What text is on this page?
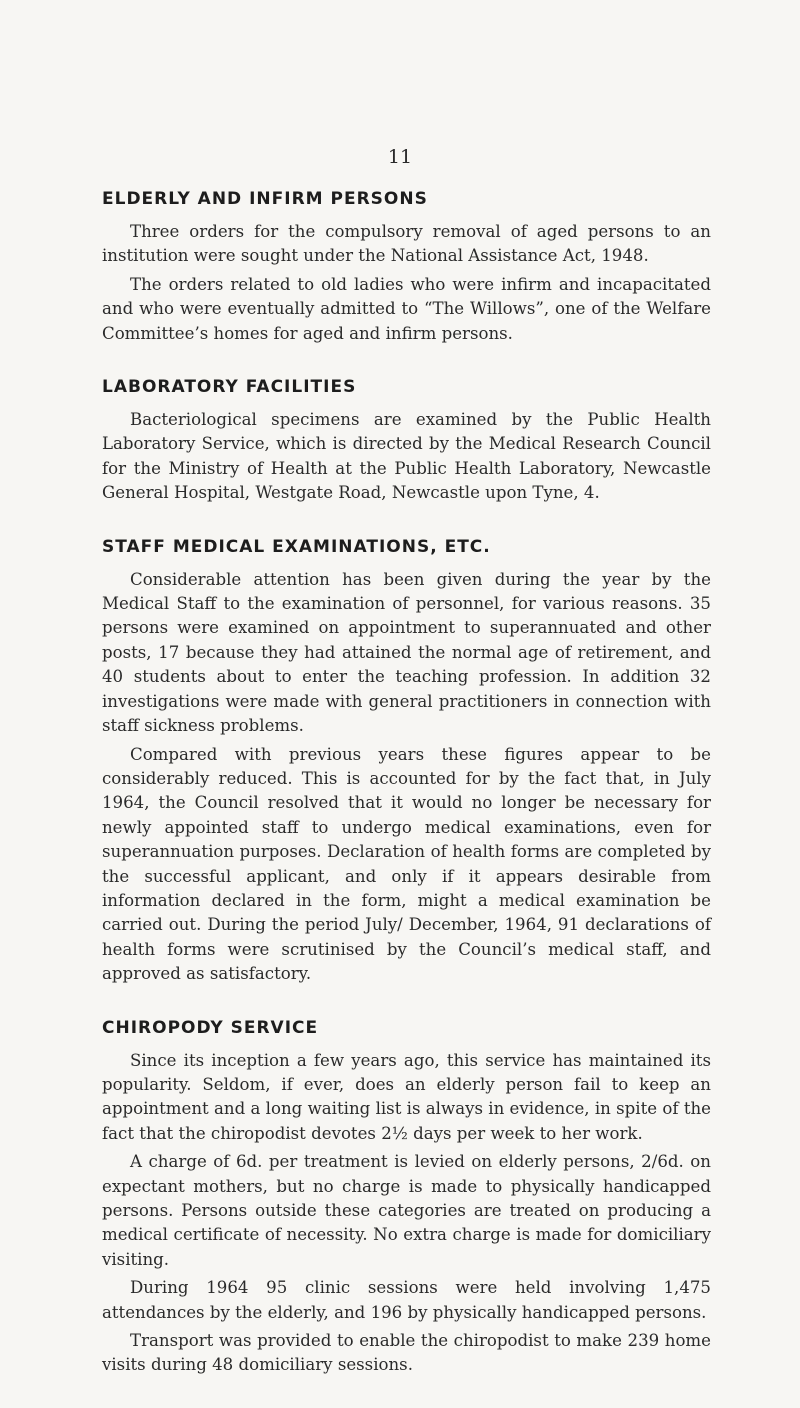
11
ELDERLY AND INFIRM PERSONS

Three orders for the compulsory removal of aged persons to an institution were sought under the National Assistance Act, 1948.

The orders related to old ladies who were infirm and incapacitated and who were eventually admitted to “The Willows”, one of the Welfare Committee’s homes for aged and infirm persons.

LABORATORY FACILITIES

Bacteriological specimens are examined by the Public Health Laboratory Service, which is directed by the Medical Research Council for the Ministry of Health at the Public Health Laboratory, Newcastle General Hospital, Westgate Road, Newcastle upon Tyne, 4.

STAFF MEDICAL EXAMINATIONS, ETC.

Considerable attention has been given during the year by the Medical Staff to the examination of personnel, for various reasons. 35 persons were examined on appointment to superannuated and other posts, 17 because they had attained the normal age of retirement, and 40 students about to enter the teaching profession. In addition 32 investigations were made with general practitioners in connection with staff sickness problems.

Compared with previous years these figures appear to be considerably reduced. This is accounted for by the fact that, in July 1964, the Council resolved that it would no longer be necessary for newly appointed staff to undergo medical examinations, even for superannuation purposes. Declaration of health forms are completed by the successful applicant, and only if it appears desirable from information declared in the form, might a medical examination be carried out. During the period July/ December, 1964, 91 declarations of health forms were scrutinised by the Council’s medical staff, and approved as satisfactory.

CHIROPODY SERVICE

Since its inception a few years ago, this service has maintained its popularity. Seldom, if ever, does an elderly person fail to keep an appointment and a long waiting list is always in evidence, in spite of the fact that the chiropodist devotes 2½ days per week to her work.

A charge of 6d. per treatment is levied on elderly persons, 2/6d. on expectant mothers, but no charge is made to physically handicapped persons. Persons outside these categories are treated on producing a medical certificate of necessity. No extra charge is made for domiciliary visiting.

During 1964 95 clinic sessions were held involving 1,475 attendances by the elderly, and 196 by physically handicapped persons.

Transport was provided to enable the chiropodist to make 239 home visits during 48 domiciliary sessions.
